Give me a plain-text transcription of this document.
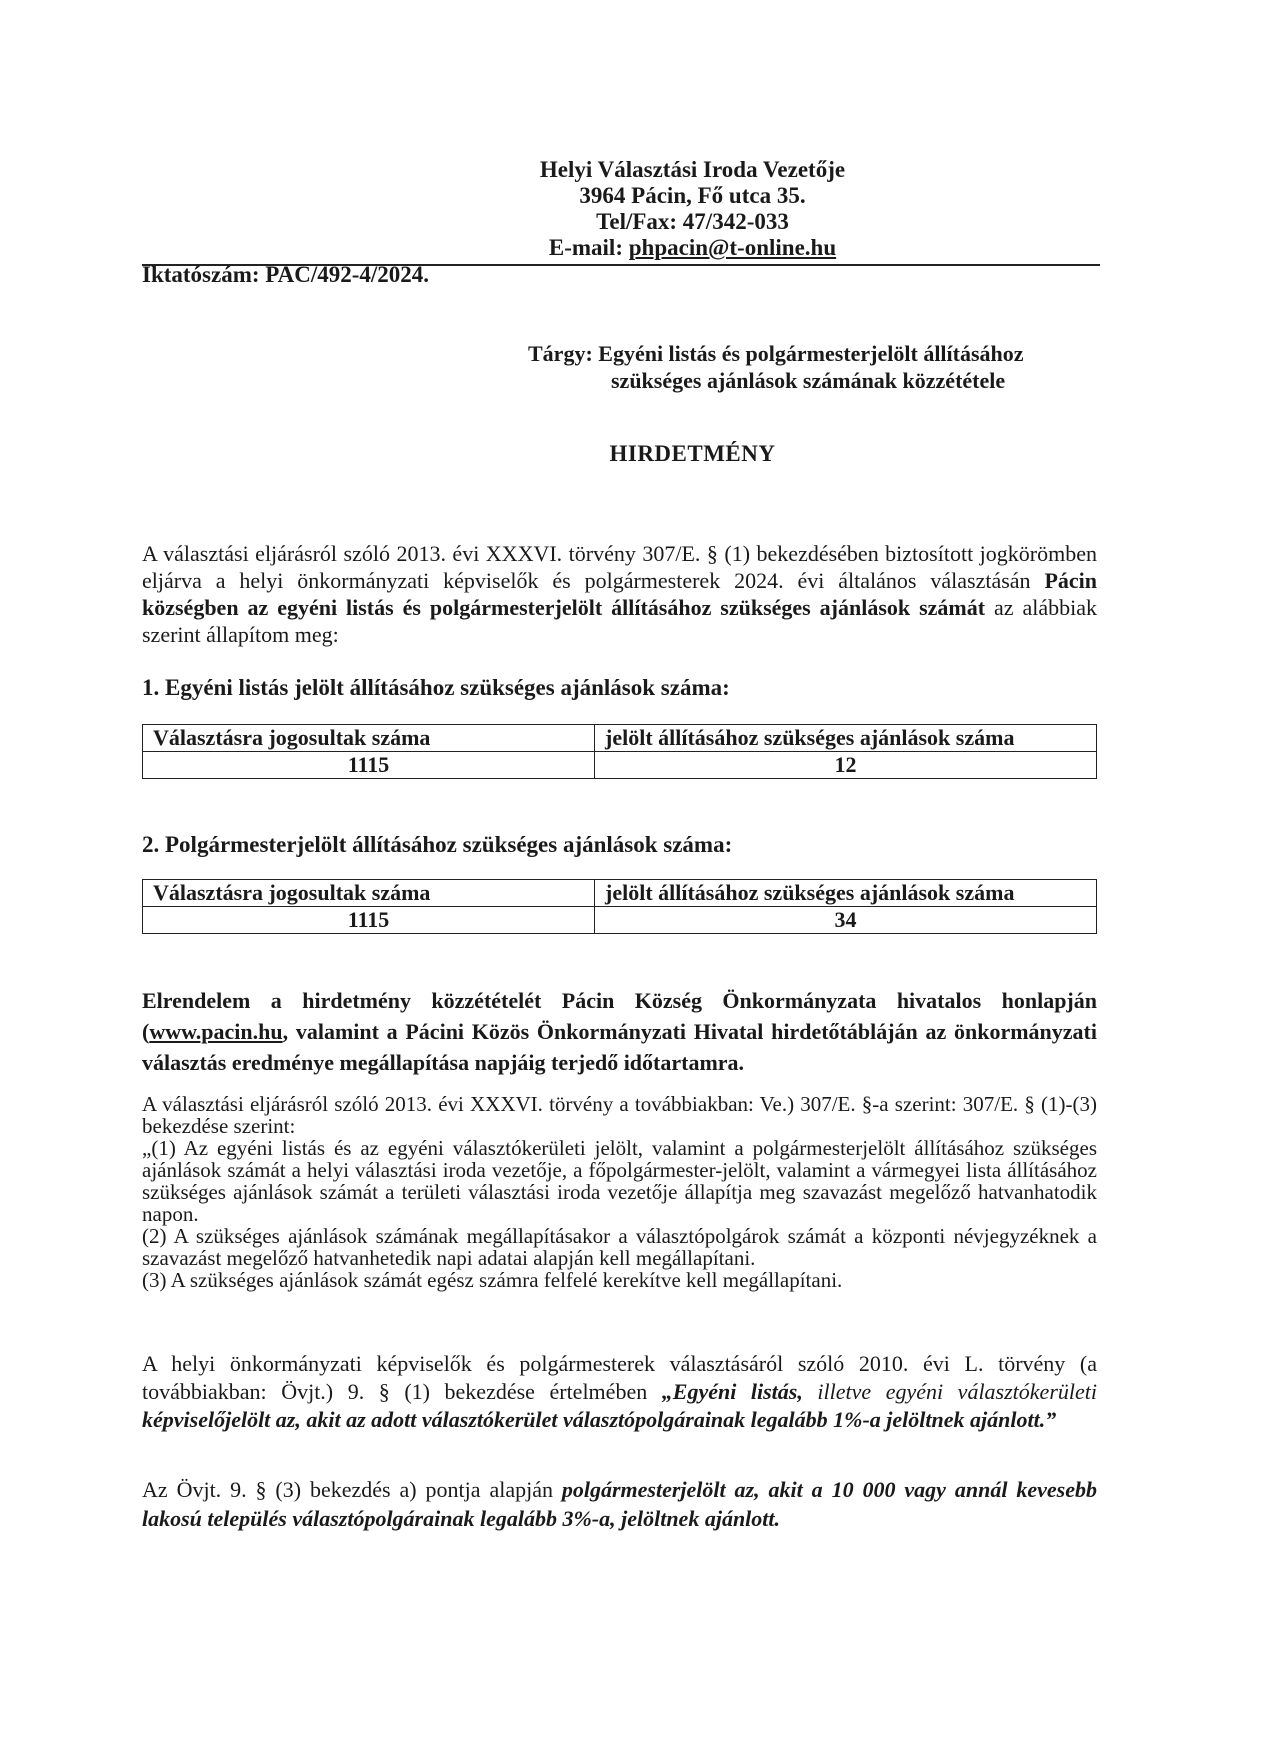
Helyi Választási Iroda Vezetője
3964 Pácin, Fő utca 35.
Tel/Fax: 47/342-033
E-mail: phpacin@t-online.hu
Iktatószám: PAC/492-4/2024.
Tárgy: Egyéni listás és polgármesterjelölt állításához
szükséges ajánlások számának közzététele
HIRDETMÉNY
A választási eljárásról szóló 2013. évi XXXVI. törvény 307/E. § (1) bekezdésében biztosított jogkörömben eljárva a helyi önkormányzati képviselők és polgármesterek 2024. évi általános választásán Pácin községben az egyéni listás és polgármesterjelölt állításához szükséges ajánlások számát az alábbiak szerint állapítom meg:
1. Egyéni listás jelölt állításához szükséges ajánlások száma:
Választásra jogosultak száma	jelölt állításához szükséges ajánlások száma
1115	12
2. Polgármesterjelölt állításához szükséges ajánlások száma:
Választásra jogosultak száma	jelölt állításához szükséges ajánlások száma
1115	34
Elrendelem a hirdetmény közzétételét Pácin Község Önkormányzata hivatalos honlapján (www.pacin.hu, valamint a Pácini Közös Önkormányzati Hivatal hirdetőtábláján az önkormányzati választás eredménye megállapítása napjáig terjedő időtartamra.

A választási eljárásról szóló 2013. évi XXXVI. törvény a továbbiakban: Ve.) 307/E. §-a szerint: 307/E. § (1)-(3) bekezdése szerint:

„(1) Az egyéni listás és az egyéni választókerületi jelölt, valamint a polgármesterjelölt állításához szükséges ajánlások számát a helyi választási iroda vezetője, a főpolgármester-jelölt, valamint a vármegyei lista állításához szükséges ajánlások számát a területi választási iroda vezetője állapítja meg szavazást megelőző hatvanhatodik napon.

(2) A szükséges ajánlások számának megállapításakor a választópolgárok számát a központi névjegyzéknek a szavazást megelőző hatvanhetedik napi adatai alapján kell megállapítani.

(3) A szükséges ajánlások számát egész számra felfelé kerekítve kell megállapítani.

A helyi önkormányzati képviselők és polgármesterek választásáról szóló 2010. évi L. törvény (a továbbiakban: Övjt.) 9. § (1) bekezdése értelmében „Egyéni listás, illetve egyéni választókerületi képviselőjelölt az, akit az adott választókerület választópolgárainak legalább 1%-a jelöltnek ajánlott.”
Az Övjt. 9. § (3) bekezdés a) pontja alapján polgármesterjelölt az, akit a 10 000 vagy annál kevesebb lakosú település választópolgárainak legalább 3%-a, jelöltnek ajánlott.
